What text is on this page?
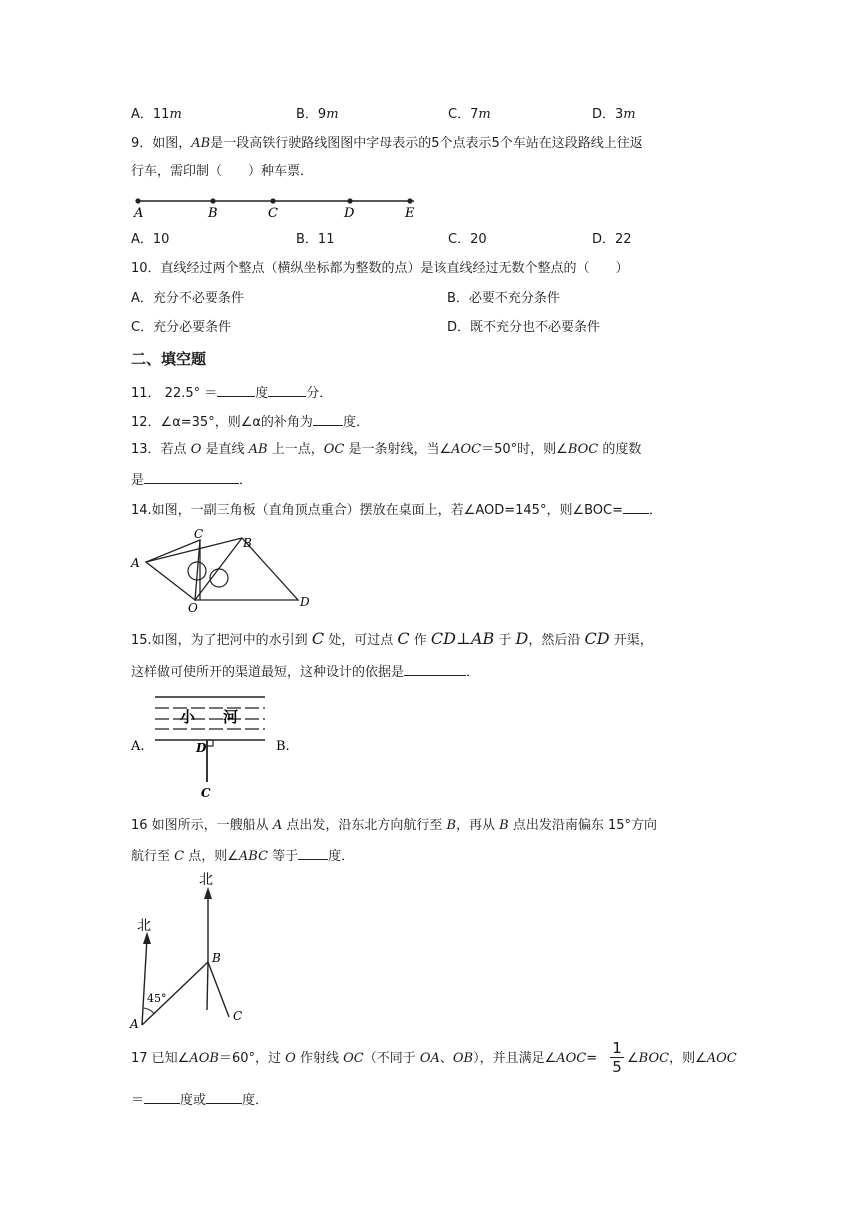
A．11m	B．9m	C．7m	D．3m
9．如图，AB是一段高铁行驶路线图图中字母表示的5个点表示5个车站在这段路线上往返
行车，需印制（　　）种车票．
A	B	C	D	E
A．10	B．11	C．20	D．22
10．直线经过两个整点（横纵坐标都为整数的点）是该直线经过无数个整点的（　　）
A．充分不必要条件	B．必要不充分条件
C．充分必要条件	D．既不充分也不必要条件
二、填空题
11． 22.5° ＝	度	分．
12．∠α=35°，则∠α的补角为 度．
13．若点 O 是直线 AB 上一点，OC 是一条射线，当∠AOC＝50°时，则∠BOC 的度数
是	．
14.如图，一副三角板（直角顶点重合）摆放在桌面上，若∠AOD=145°，则∠BOC= ．
A
B
C
O	D
15.如图，为了把河中的水引到 C 处，可过点 C 作 CD⊥AB 于 D，然后沿 CD 开渠，
这样做可使所开的渠道最短，这种设计的依据是	．
小 河
A.	B.
D
C
16 如图所示，一艘船从 A 点出发，沿东北方向航行至 B，再从 B 点出发沿南偏东 15°方向
航行至 C 点，则∠ABC 等于 度．
北
北
B
45°
A
C
17 已知∠AOB＝60°，过 O 作射线 OC（不同于 OA、OB），并且满足∠AOC=
1
5 ∠BOC，则∠AOC
＝	度或	度．
